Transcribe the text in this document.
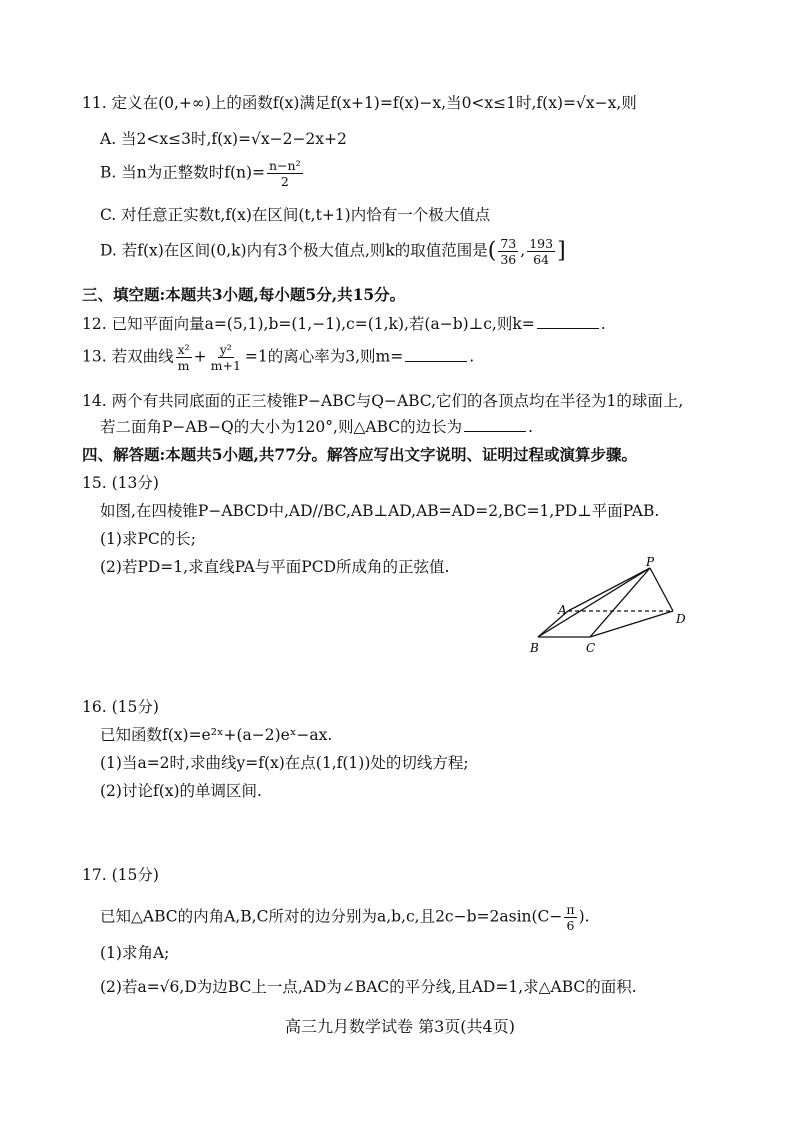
11. 定义在(0,+∞)上的函数f(x)满足f(x+1)=f(x)−x,当0<x≤1时,f(x)=√x−x,则
A. 当2<x≤3时,f(x)=√x−2−2x+2
B. 当n为正整数时$f(n)= \frac{\text{n−n²}}{2}$
C. 对任意正实数t,f(x)在区间(t,t+1)内恰有一个极大值点
D. 若f(x)在区间(0,k)内有3个极大值点,则k的取值范围是( $\frac{73}{36}$ , $\frac{193}{64}$ ]
三、填空题:本题共3小题,每小题5分,共15分。
12. 已知平面向量a=(5,1),b=(1,−1),c=(1,k),若(a−b)⊥c,则k=	.
13. 若双曲线 $\frac{\text{x²}}{m} + \frac{\text{y²}}{m+1} =1$的离心率为3,则m=	.
14. 两个有共同底面的正三棱锥P−ABC与Q−ABC,它们的各顶点均在半径为1的球面上,
若二面角P−AB−Q的大小为120°,则△ABC的边长为	.
四、解答题:本题共5小题,共77分。解答应写出文字说明、证明过程或演算步骤。
15. (13分)
如图,在四棱锥P−ABCD中,AD//BC,AB⊥AD,AB=AD=2,BC=1,PD⊥平面PAB.
(1)求PC的长;
(2)若PD=1,求直线PA与平面PCD所成角的正弦值.	P
A
D
B	C
16. (15分)
已知函数f(x)=e²ˣ+(a−2)eˣ−ax.
(1)当a=2时,求曲线y=f(x)在点(1,f(1))处的切线方程;
(2)讨论f(x)的单调区间.
17. (15分)
已知△ABC的内角A,B,C所对的边分别为a,b,c,且$2c-b=2asin(C- \frac{\pi}{6}$ ).
(1)求角A;
(2)若a=√6,D为边BC上一点,AD为∠BAC的平分线,且AD=1,求△ABC的面积.
高三九月数学试卷 第3页(共4页)
